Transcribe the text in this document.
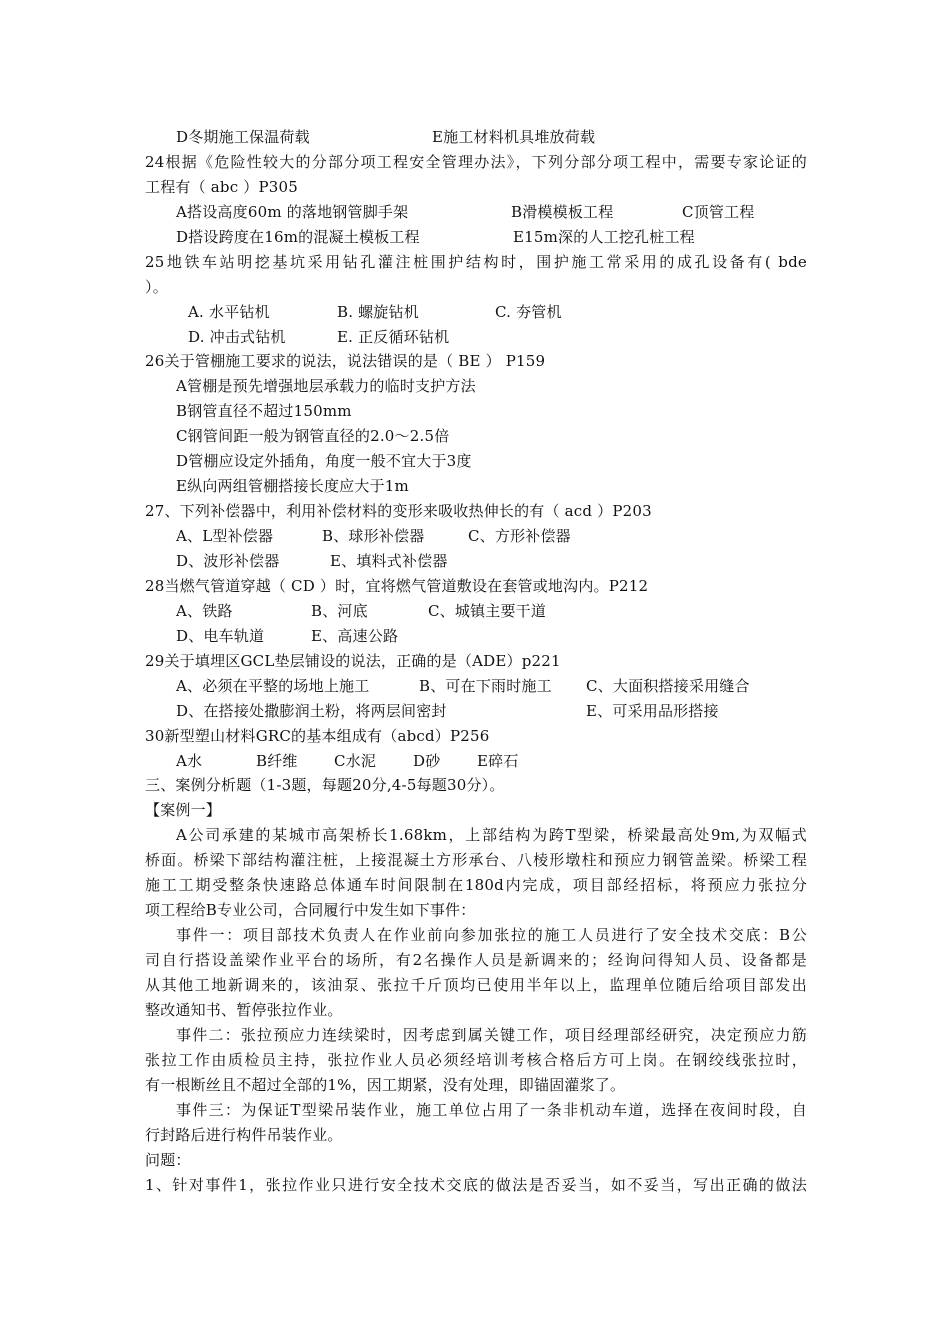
D冬期施工保温荷载	E施工材料机具堆放荷载
24根据《危险性较大的分部分项工程安全管理办法》，下列分部分项工程中，需要专家论证的
工程有（ abc ）P305
A搭设高度60m 的落地钢管脚手架	B滑模模板工程	C顶管工程
D搭设跨度在16m的混凝土模板工程	E15m深的人工挖孔桩工程
25地铁车站明挖基坑采用钻孔灌注桩围护结构时，围护施工常采用的成孔设备有( bde
）。
A. 水平钻机	B. 螺旋钻机	C. 夯管机
D. 冲击式钻机	E. 正反循环钻机
26关于管棚施工要求的说法，说法错误的是（ BE ） P159
A管棚是预先增强地层承载力的临时支护方法
B钢管直径不超过150mm
C钢管间距一般为钢管直径的2.0～2.5倍
D管棚应设定外插角，角度一般不宜大于3度
E纵向两组管棚搭接长度应大于1m
27、下列补偿器中，利用补偿材料的变形来吸收热伸长的有（ acd ）P203
A、L型补偿器	B、球形补偿器	C、方形补偿器
D、波形补偿器	E、填料式补偿器
28当燃气管道穿越（ CD ）时，宜将燃气管道敷设在套管或地沟内。P212
A、铁路	B、河底	C、城镇主要干道
D、电车轨道	E、高速公路
29关于填埋区GCL垫层铺设的说法，正确的是（ADE）p221
A、必须在平整的场地上施工	B、可在下雨时施工 C、大面积搭接采用缝合
D、在搭接处撒膨润土粉，将两层间密封	E、可采用品形搭接
30新型塑山材料GRC的基本组成有（abcd）P256
A水	B纤维 C水泥 D砂 E碎石
三、案例分析题（1-3题，每题20分,4-5每题30分）。
【案例一】
A公司承建的某城市高架桥长1.68km，上部结构为跨T型梁，桥梁最高处9m,为双幅式
桥面。桥梁下部结构灌注桩，上接混凝土方形承台、八棱形墩柱和预应力钢管盖梁。桥梁工程
施工工期受整条快速路总体通车时间限制在180d内完成，项目部经招标，将预应力张拉分
项工程给B专业公司，合同履行中发生如下事件：
事件一：项目部技术负责人在作业前向参加张拉的施工人员进行了安全技术交底：B公
司自行搭设盖梁作业平台的场所，有2名操作人员是新调来的；经询问得知人员、设备都是
从其他工地新调来的，该油泵、张拉千斤顶均已使用半年以上，监理单位随后给项目部发出
整改通知书、暂停张拉作业。
事件二：张拉预应力连续梁时，因考虑到属关键工作，项目经理部经研究，决定预应力筋
张拉工作由质检员主持，张拉作业人员必须经培训考核合格后方可上岗。在钢绞线张拉时，
有一根断丝且不超过全部的1%，因工期紧，没有处理，即锚固灌浆了。
事件三：为保证T型梁吊装作业，施工单位占用了一条非机动车道，选择在夜间时段，自
行封路后进行构件吊装作业。
问题：
1、针对事件1，张拉作业只进行安全技术交底的做法是否妥当，如不妥当，写出正确的做法
